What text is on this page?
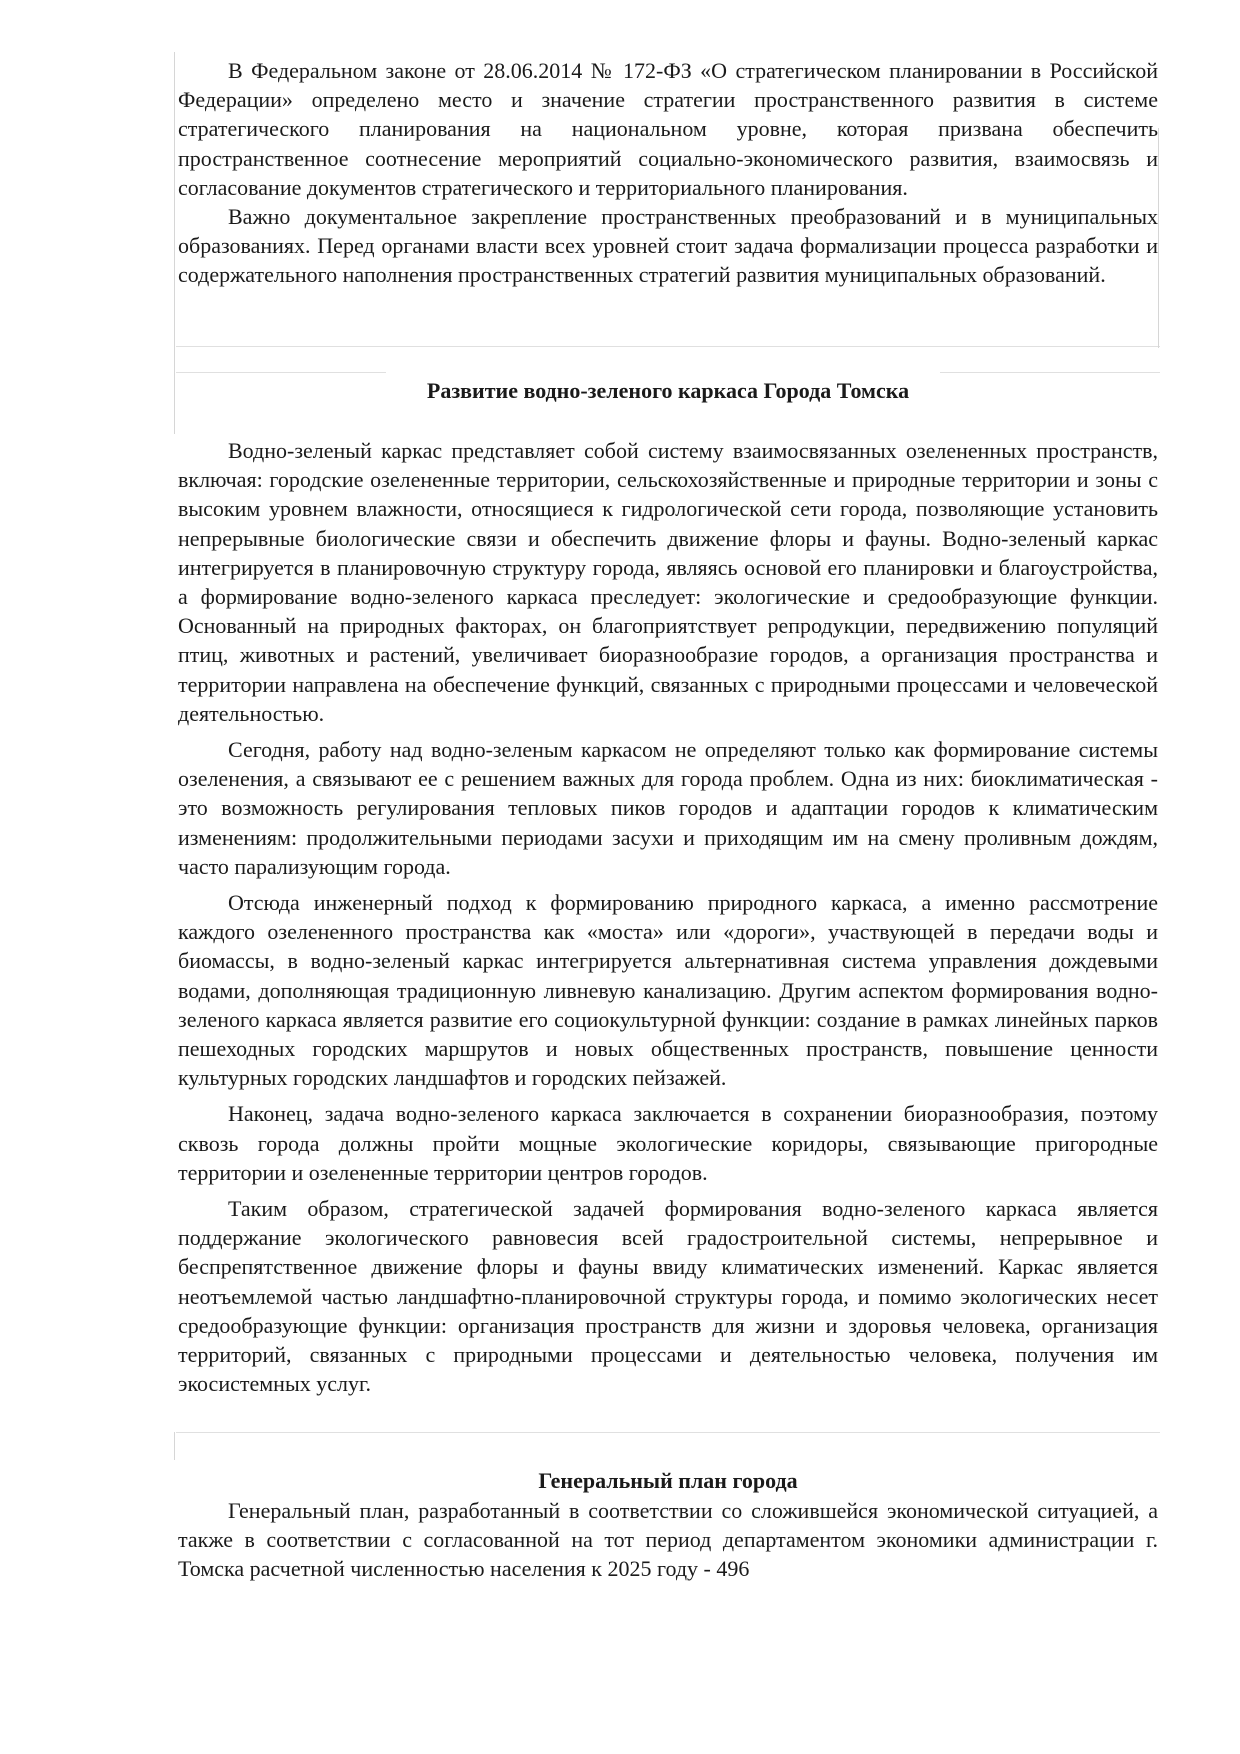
В Федеральном законе от 28.06.2014 № 172-ФЗ «О стратегическом планировании в Российской Федерации» определено место и значение стратегии пространственного развития в системе стратегического планирования на национальном уровне, которая призвана обеспечить пространственное соотнесение мероприятий социально-экономического развития, взаимосвязь и согласование документов стратегического и территориального планирования.

Важно документальное закрепление пространственных преобразований и в муниципальных образованиях. Перед органами власти всех уровней стоит задача формализации процесса разработки и содержательного наполнения пространственных стратегий развития муниципальных образований.

Развитие водно-зеленого каркаса Города Томска

Водно-зеленый каркас представляет собой систему взаимосвязанных озелененных пространств, включая: городские озелененные территории, сельскохозяйственные и природные территории и зоны с высоким уровнем влажности, относящиеся к гидрологической сети города, позволяющие установить непрерывные биологические связи и обеспечить движение флоры и фауны. Водно-зеленый каркас интегрируется в планировочную структуру города, являясь основой его планировки и благоустройства, а формирование водно-зеленого каркаса преследует: экологические и средообразующие функции. Основанный на природных факторах, он благоприятствует репродукции, передвижению популяций птиц, животных и растений, увеличивает биоразнообразие городов, а организация пространства и территории направлена на обеспечение функций, связанных с природными процессами и человеческой деятельностью.

Сегодня, работу над водно-зеленым каркасом не определяют только как формирование системы озеленения, а связывают ее с решением важных для города проблем. Одна из них: биоклиматическая - это возможность регулирования тепловых пиков городов и адаптации городов к климатическим изменениям: продолжительными периодами засухи и приходящим им на смену проливным дождям, часто парализующим города.

Отсюда инженерный подход к формированию природного каркаса, а именно рассмотрение каждого озелененного пространства как «моста» или «дороги», участвующей в передачи воды и биомассы, в водно-зеленый каркас интегрируется альтернативная система управления дождевыми водами, дополняющая традиционную ливневую канализацию. Другим аспектом формирования водно-зеленого каркаса является развитие его социокультурной функции: создание в рамках линейных парков пешеходных городских маршрутов и новых общественных пространств, повышение ценности культурных городских ландшафтов и городских пейзажей.

Наконец, задача водно-зеленого каркаса заключается в сохранении биоразнообразия, поэтому сквозь города должны пройти мощные экологические коридоры, связывающие пригородные территории и озелененные территории центров городов.

Таким образом, стратегической задачей формирования водно-зеленого каркаса является поддержание экологического равновесия всей градостроительной системы, непрерывное и беспрепятственное движение флоры и фауны ввиду климатических изменений. Каркас является неотъемлемой частью ландшафтно-планировочной структуры города, и помимо экологических несет средообразующие функции: организация пространств для жизни и здоровья человека, организация территорий, связанных с природными процессами и деятельностью человека, получения им экосистемных услуг.

Генеральный план города

Генеральный план, разработанный в соответствии со сложившейся экономической ситуацией, а также в соответствии с согласованной на тот период департаментом экономики администрации г. Томска расчетной численностью населения к 2025 году - 496
